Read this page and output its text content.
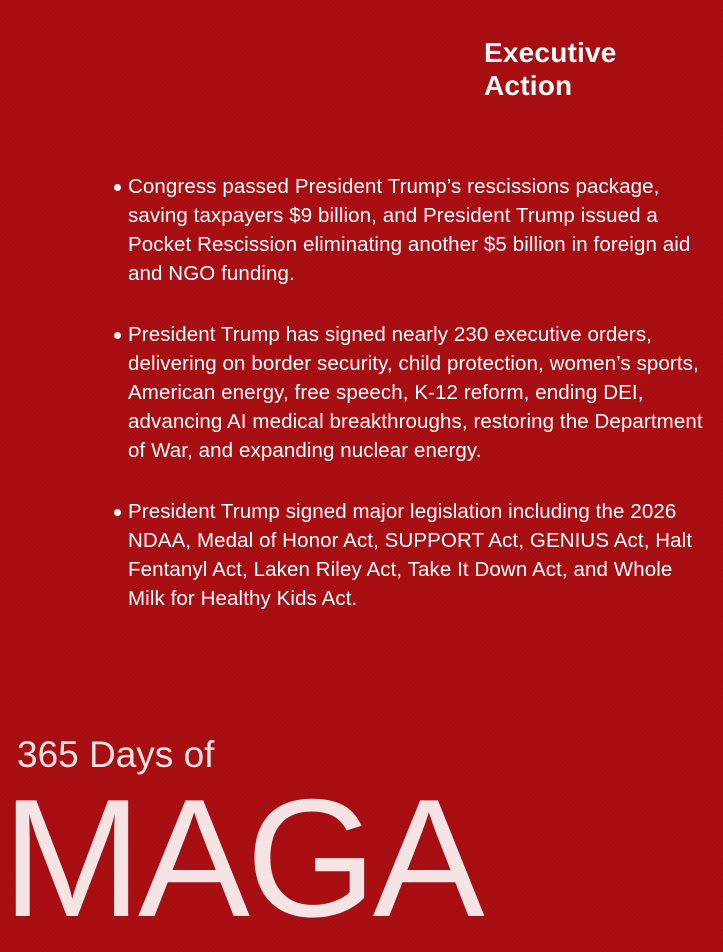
Executive Action
Congress passed President Trump’s rescissions package, saving taxpayers $9 billion, and President Trump issued a Pocket Rescission eliminating another $5 billion in foreign aid and NGO funding.
President Trump has signed nearly 230 executive orders, delivering on border security, child protection, women’s sports, American energy, free speech, K-12 reform, ending DEI, advancing AI medical breakthroughs, restoring the Department of War, and expanding nuclear energy.
President Trump signed major legislation including the 2026 NDAA, Medal of Honor Act, SUPPORT Act, GENIUS Act, Halt Fentanyl Act, Laken Riley Act, Take It Down Act, and Whole Milk for Healthy Kids Act.
365 Days of
MAGA
